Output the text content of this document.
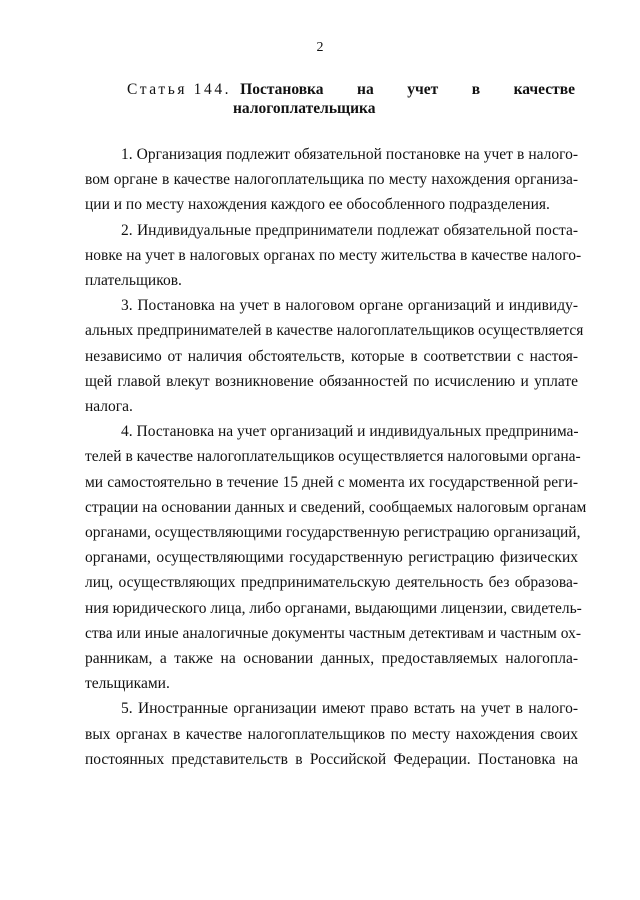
2
Статья 144. Постановка на учет в качестве
налогоплательщика

1. Организация подлежит обязательной постановке на учет в налого-
вом органе в качестве налогоплательщика по месту нахождения организа-
ции и по месту нахождения каждого ее обособленного подразделения.

2. Индивидуальные предприниматели подлежат обязательной поста-
новке на учет в налоговых органах по месту жительства в качестве налого-
плательщиков.

3. Постановка на учет в налоговом органе организаций и индивиду-
альных предпринимателей в качестве налогоплательщиков осуществляется
независимо от наличия обстоятельств, которые в соответствии с настоя-
щей главой влекут возникновение обязанностей по исчислению и уплате
налога.

4. Постановка на учет организаций и индивидуальных предпринима-
телей в качестве налогоплательщиков осуществляется налоговыми органа-
ми самостоятельно в течение 15 дней с момента их государственной реги-
страции на основании данных и сведений, сообщаемых налоговым органам
органами, осуществляющими государственную регистрацию организаций,
органами, осуществляющими государственную регистрацию физических
лиц, осуществляющих предпринимательскую деятельность без образова-
ния юридического лица, либо органами, выдающими лицензии, свидетель-
ства или иные аналогичные документы частным детективам и частным ох-
ранникам, а также на основании данных, предоставляемых налогопла-
тельщиками.

5. Иностранные организации имеют право встать на учет в налого-
вых органах в качестве налогоплательщиков по месту нахождения своих
постоянных представительств в Российской Федерации. Постановка на
